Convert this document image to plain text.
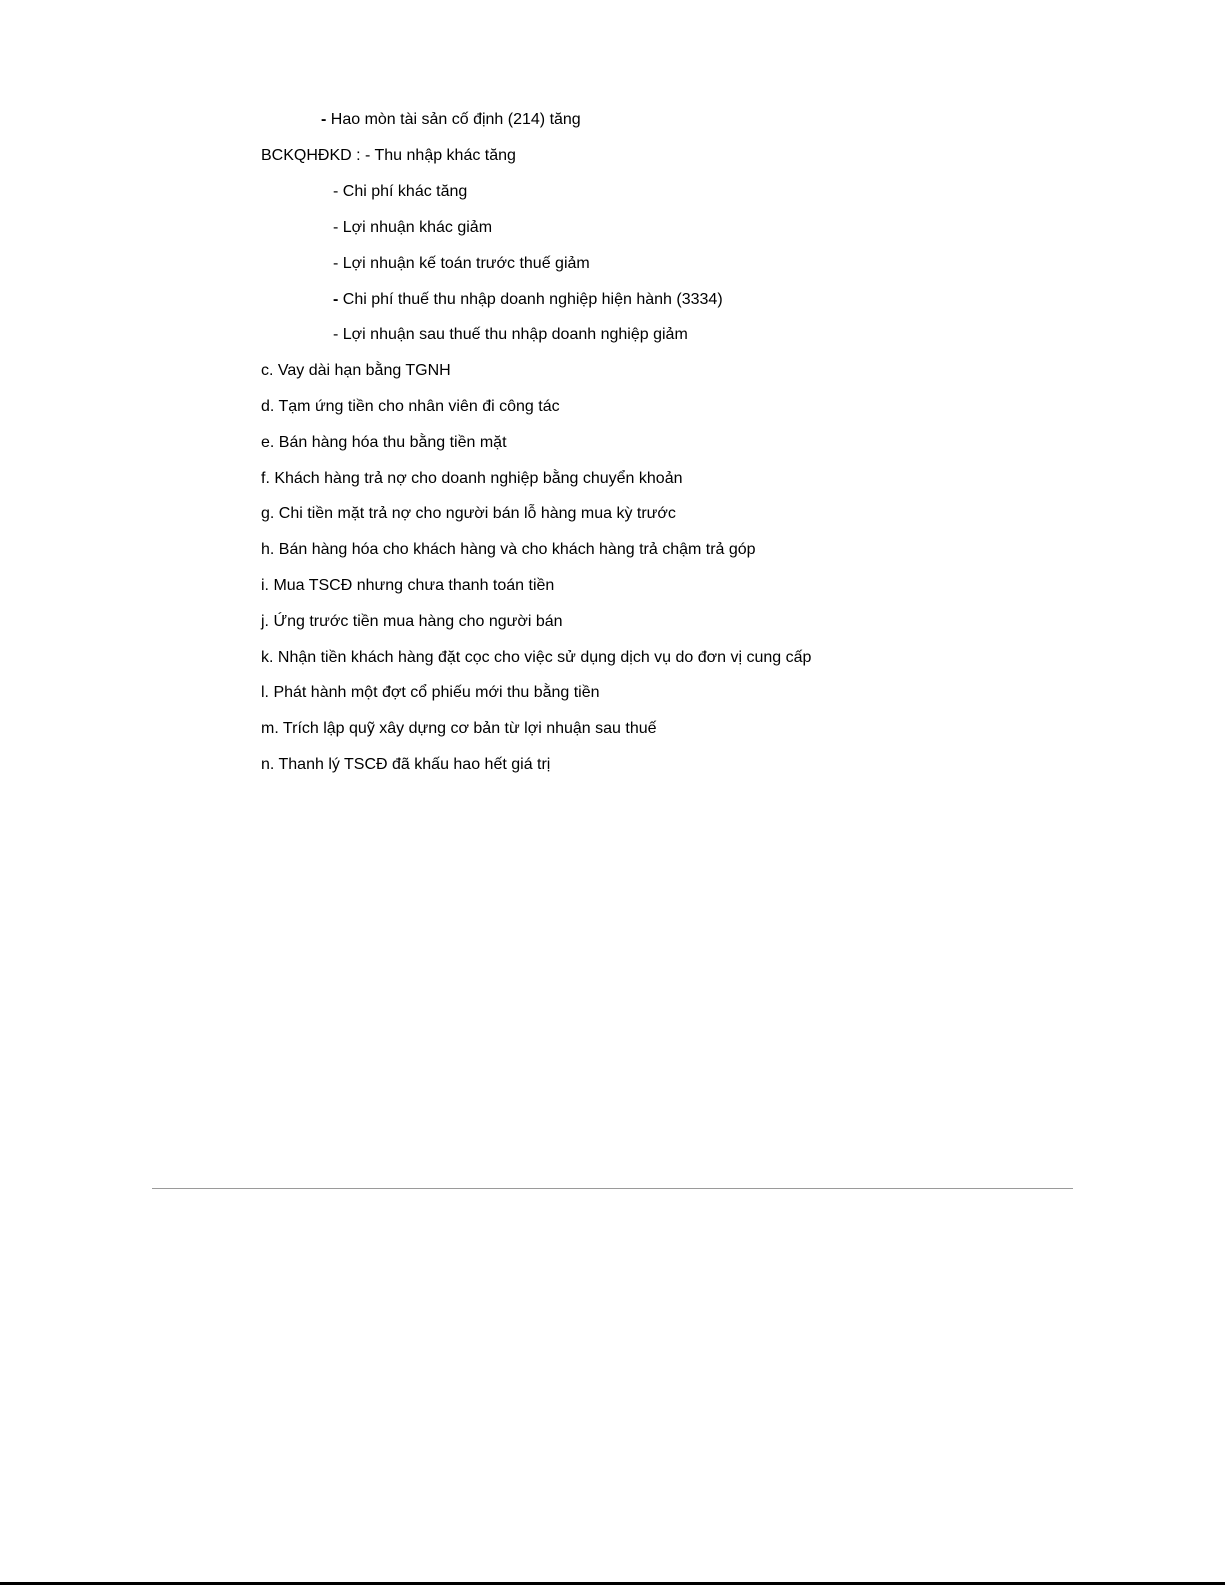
- Hao mòn tài sản cố định (214) tăng
BCKQHĐKD : - Thu nhập khác tăng
- Chi phí khác tăng
- Lợi nhuận khác giảm
- Lợi nhuận kế toán trước thuế giảm
- Chi phí thuế thu nhập doanh nghiệp hiện hành (3334)
- Lợi nhuận sau thuế thu nhập doanh nghiệp giảm
c. Vay dài hạn bằng TGNH
d. Tạm ứng tiền cho nhân viên đi công tác
e. Bán hàng hóa thu bằng tiền mặt
f. Khách hàng trả nợ cho doanh nghiệp bằng chuyển khoản
g. Chi tiền mặt trả nợ cho người bán lỗ hàng mua kỳ trước
h. Bán hàng hóa cho khách hàng và cho khách hàng trả chậm trả góp
i. Mua TSCĐ nhưng chưa thanh toán tiền
j. Ứng trước tiền mua hàng cho người bán
k. Nhận tiền khách hàng đặt cọc cho việc sử dụng dịch vụ do đơn vị cung cấp
l. Phát hành một đợt cổ phiếu mới thu bằng tiền
m. Trích lập quỹ xây dựng cơ bản từ lợi nhuận sau thuế
n. Thanh lý TSCĐ đã khấu hao hết giá trị
